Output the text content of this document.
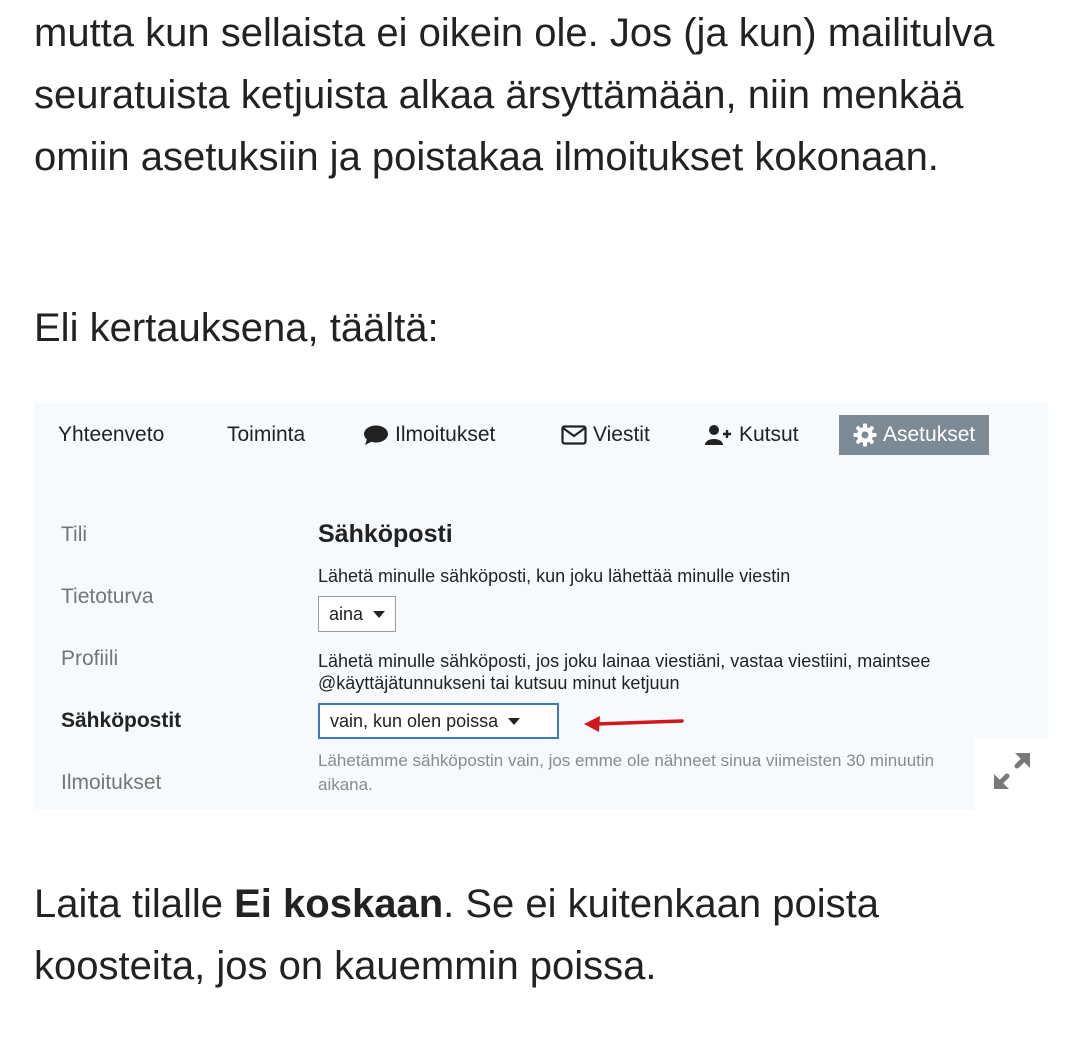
mutta kun sellaista ei oikein ole. Jos (ja kun) mailitulva seuratuista ketjuista alkaa ärsyttämään, niin menkää omiin asetuksiin ja poistakaa ilmoitukset kokonaan.

Eli kertauksena, täältä:

Yhteenveto	Toiminta	Ilmoitukset	Viestit	Kutsut	Asetukset
Tili
Tietoturva
Profiili
Sähköpostit
Ilmoitukset
Sähköposti
Lähetä minulle sähköposti, kun joku lähettää minulle viestin
aina
Lähetä minulle sähköposti, jos joku lainaa viestiäni, vastaa viestiini, maintsee @käyttäjätunnukseni tai kutsuu minut ketjuun
vain, kun olen poissa
Lähetämme sähköpostin vain, jos emme ole nähneet sinua viimeisten 30 minuutin aikana.

Laita tilalle Ei koskaan. Se ei kuitenkaan poista koosteita, jos on kauemmin poissa.
